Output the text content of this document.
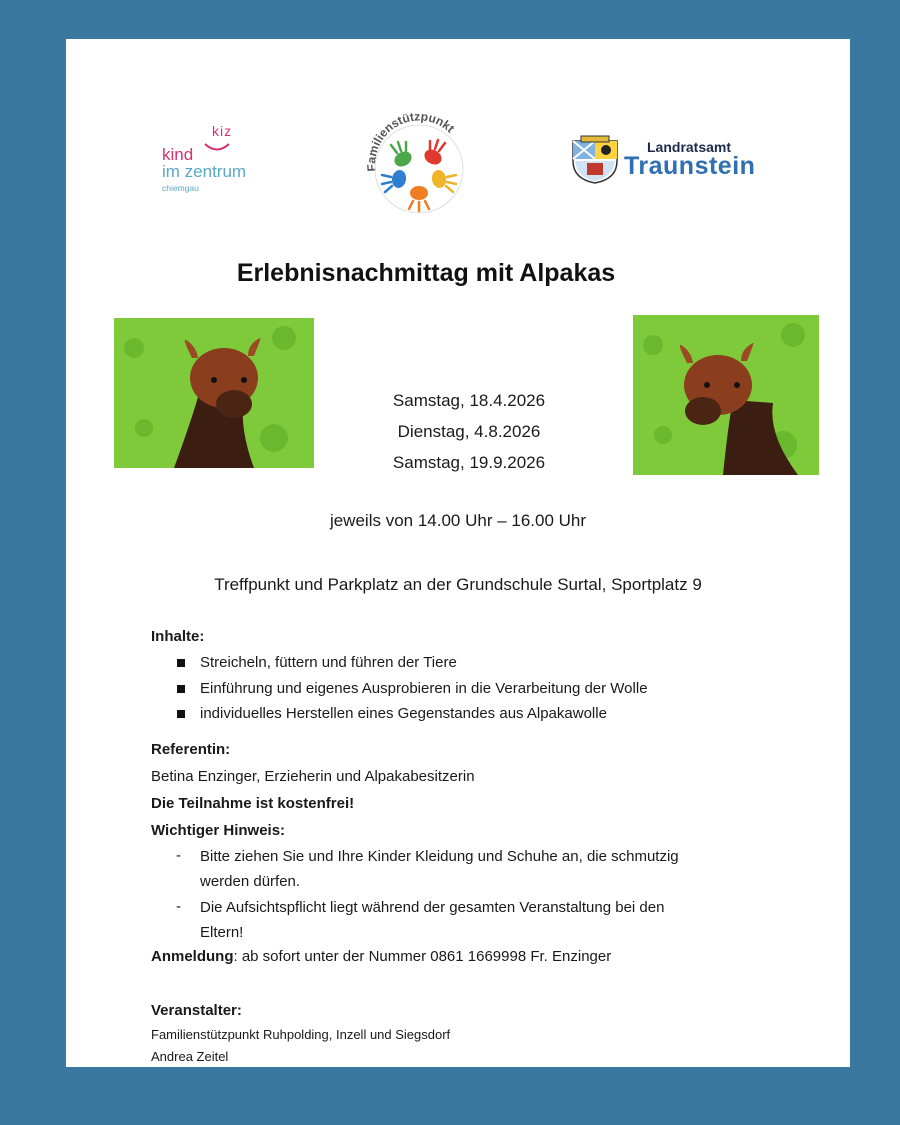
kiz
kind
im zentrum
chiemgau
Familienstützpunkt
Landratsamt
Traunstein
Erlebnisnachmittag mit Alpakas
Samstag, 18.4.2026
Dienstag, 4.8.2026
Samstag, 19.9.2026
jeweils von 14.00 Uhr – 16.00 Uhr
Treffpunkt und Parkplatz an der Grundschule Surtal, Sportplatz 9
Inhalte:
Streicheln, füttern und führen der Tiere
Einführung und eigenes Ausprobieren in die Verarbeitung der Wolle
individuelles Herstellen eines Gegenstandes aus Alpakawolle
Referentin:
Betina Enzinger, Erzieherin und Alpakabesitzerin
Die Teilnahme ist kostenfrei!
Wichtiger Hinweis:
- Bitte ziehen Sie und Ihre Kinder Kleidung und Schuhe an, die schmutzig
werden dürfen.
- Die Aufsichtspflicht liegt während der gesamten Veranstaltung bei den
Eltern!
Anmeldung: ab sofort unter der Nummer 0861 1669998 Fr. Enzinger
Veranstalter:
Familienstützpunkt Ruhpolding, Inzell und Siegsdorf
Andrea Zeitel
